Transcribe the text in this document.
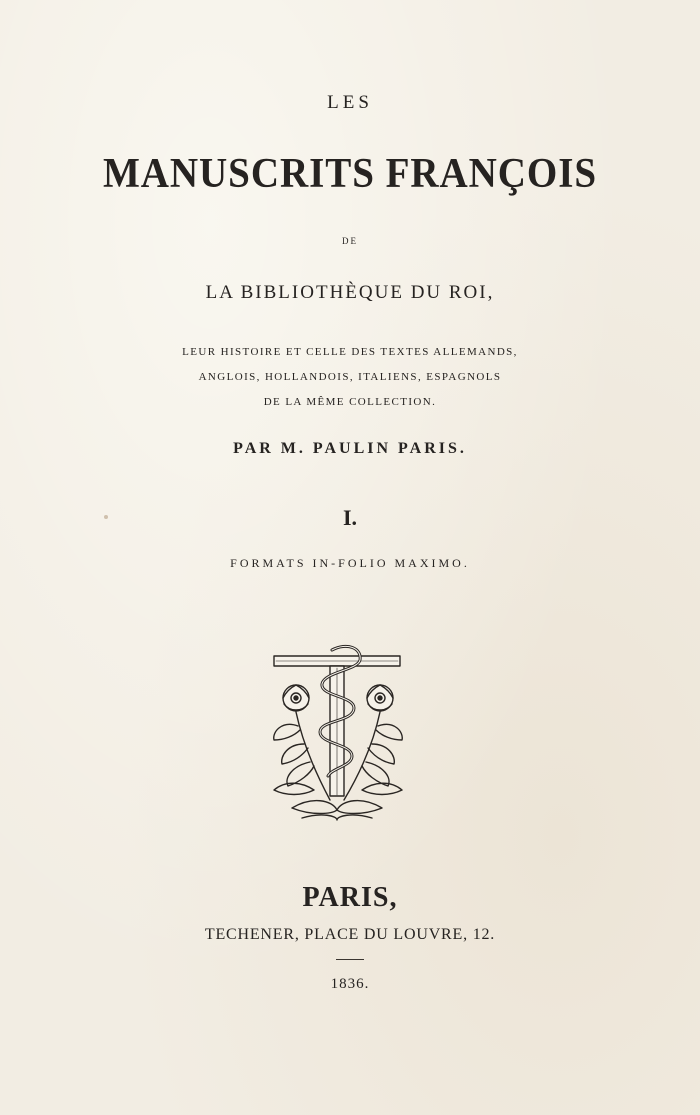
LES

MANUSCRITS FRANÇOIS

DE

LA BIBLIOTHÈQUE DU ROI,

LEUR HISTOIRE ET CELLE DES TEXTES ALLEMANDS,

ANGLOIS, HOLLANDOIS, ITALIENS, ESPAGNOLS

DE LA MÊME COLLECTION.

PAR M. PAULIN PARIS.

I.

FORMATS IN-FOLIO MAXIMO.

PARIS,

TECHENER, PLACE DU LOUVRE, 12.

1836.
